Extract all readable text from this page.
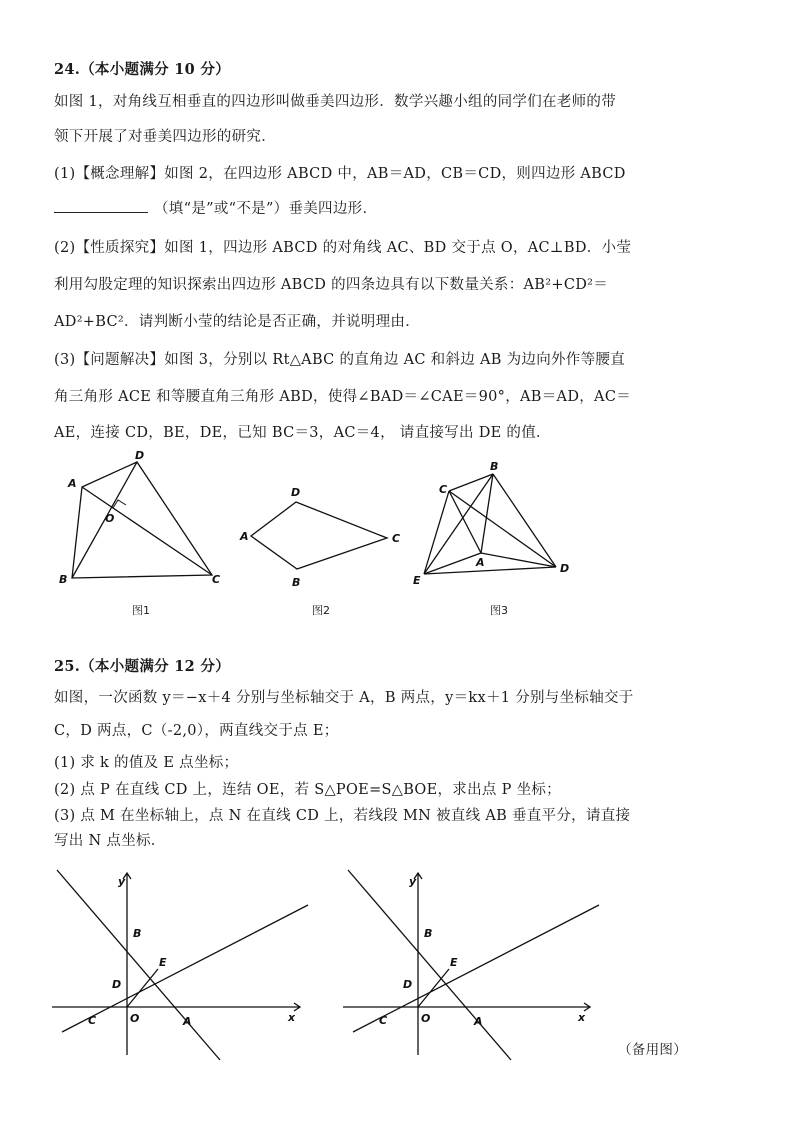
24.（本小题满分 10 分）
如图 1，对角线互相垂直的四边形叫做垂美四边形．数学兴趣小组的同学们在老师的带
领下开展了对垂美四边形的研究．
(1)【概念理解】如图 2，在四边形 ABCD 中，AB＝AD，CB＝CD，则四边形 ABCD
（填“是”或“不是”）垂美四边形．
(2)【性质探究】如图 1，四边形 ABCD 的对角线 AC、BD 交于点 O，AC⊥BD．小莹
利用勾股定理的知识探索出四边形 ABCD 的四条边具有以下数量关系：AB²+CD²＝
AD²+BC²．请判断小莹的结论是否正确，并说明理由．
(3)【问题解决】如图 3，分别以 Rt△ABC 的直角边 AC 和斜边 AB 为边向外作等腰直
角三角形 ACE 和等腰直角三角形 ABD，使得∠BAD＝∠CAE＝90°，AB＝AD，AC＝
AE，连接 CD，BE，DE，已知 BC＝3，AC＝4， 请直接写出 DE 的值．
A
D
O
B	C
图1
A
D
C
B
图2
B
C
A
E
D
图3
25.（本小题满分 12 分）
如图，一次函数 y＝−x＋4 分别与坐标轴交于 A，B 两点，y＝kx＋1 分别与坐标轴交于
C，D 两点，C（-2,0），两直线交于点 E；
(1) 求 k 的值及 E 点坐标；
(2) 点 P 在直线 CD 上，连结 OE，若 S△POE=S△BOE，求出点 P 坐标；
(3) 点 M 在坐标轴上，点 N 在直线 CD 上，若线段 MN 被直线 AB 垂直平分，请直接
写出 N 点坐标．
y
B
E
D
C	O	A	x
y
B
E
D
C	O	A	x
（备用图）
